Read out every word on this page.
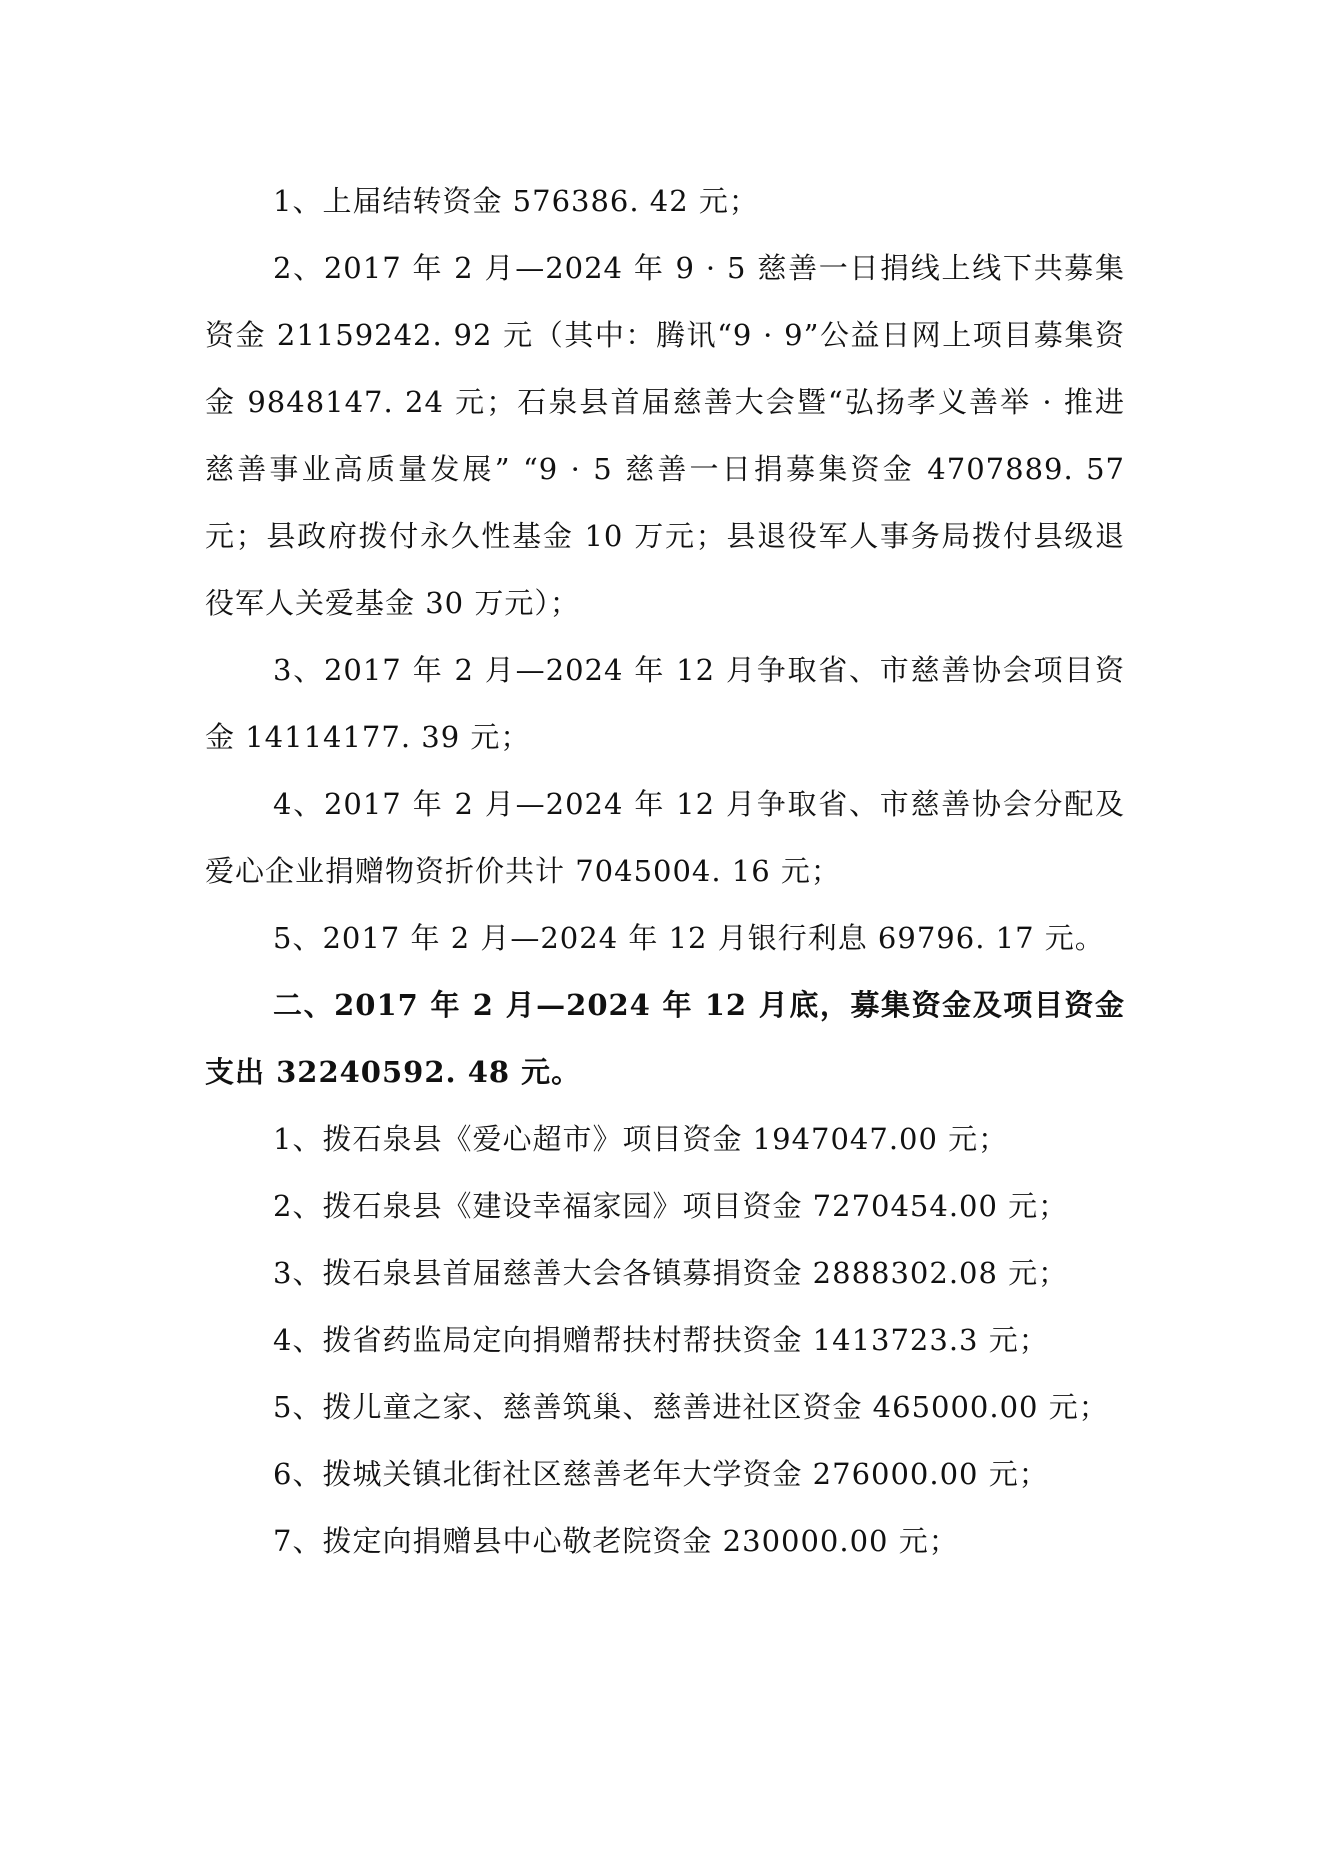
1、上届结转资金 576386. 42 元；

2、2017 年 2 月—2024 年 9 · 5 慈善一日捐线上线下共募集资金 21159242. 92 元（其中：腾讯“9 · 9”公益日网上项目募集资金 9848147. 24 元；石泉县首届慈善大会暨“弘扬孝义善举 · 推进慈善事业高质量发展” “9 · 5 慈善一日捐募集资金 4707889. 57 元；县政府拨付永久性基金 10 万元；县退役军人事务局拨付县级退役军人关爱基金 30 万元）；

3、2017 年 2 月—2024 年 12 月争取省、市慈善协会项目资金 14114177. 39 元；

4、2017 年 2 月—2024 年 12 月争取省、市慈善协会分配及爱心企业捐赠物资折价共计 7045004. 16 元；

5、2017 年 2 月—2024 年 12 月银行利息 69796. 17 元。

二、2017 年 2 月—2024 年 12 月底，募集资金及项目资金支出 32240592. 48 元。

1、拨石泉县《爱心超市》项目资金 1947047.00 元；

2、拨石泉县《建设幸福家园》项目资金 7270454.00 元；

3、拨石泉县首届慈善大会各镇募捐资金 2888302.08 元；

4、拨省药监局定向捐赠帮扶村帮扶资金 1413723.3 元；

5、拨儿童之家、慈善筑巢、慈善进社区资金 465000.00 元；

6、拨城关镇北街社区慈善老年大学资金 276000.00 元；

7、拨定向捐赠县中心敬老院资金 230000.00 元；
